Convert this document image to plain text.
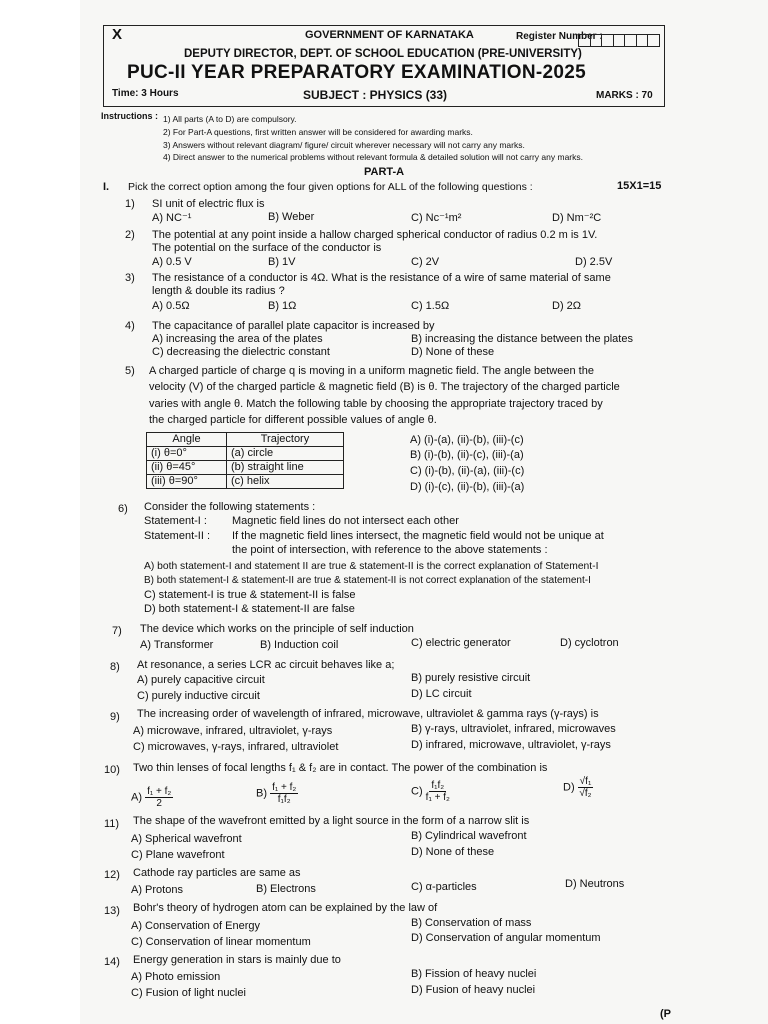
X	GOVERNMENT OF KARNATAKA	Register Number :
DEPUTY DIRECTOR, DEPT. OF SCHOOL EDUCATION (PRE-UNIVERSITY)
PUC-II YEAR PREPARATORY EXAMINATION-2025
Time: 3 Hours	SUBJECT : PHYSICS (33)	MARKS : 70
Instructions : 1) All parts (A to D) are compulsory.
2) For Part-A questions, first written answer will be considered for awarding marks.
3) Answers without relevant diagram/ figure/ circuit wherever necessary will not carry any marks.
4) Direct answer to the numerical problems without relevant formula & detailed solution will not carry any marks.
PART-A
I. Pick the correct option among the four given options for ALL of the following questions :	15X1=15
1) SI unit of electric flux is
A) NC⁻¹	B) Weber	C) Nc⁻¹m²	D) Nm⁻²C
2) The potential at any point inside a hallow charged spherical conductor of radius 0.2 m is 1V.
The potential on the surface of the conductor is
A) 0.5 V	B) 1V	C) 2V	D) 2.5V
3) The resistance of a conductor is 4Ω. What is the resistance of a wire of same material of same
length & double its radius ?
A) 0.5Ω	B) 1Ω	C) 1.5Ω	D) 2Ω
4) The capacitance of parallel plate capacitor is increased by
A) increasing the area of the plates	B) increasing the distance between the plates
C) decreasing the dielectric constant	D) None of these
5) A charged particle of charge q is moving in a uniform magnetic field. The angle between the
velocity (V) of the charged particle & magnetic field (B) is θ. The trajectory of the charged particle
varies with angle θ. Match the following table by choosing the appropriate trajectory traced by
the charged particle for different possible values of angle θ.
Angle	Trajectory
(i) θ=0°	(a) circle
(ii) θ=45°	(b) straight line
(iii) θ=90°	(c) helix
A) (i)-(a), (ii)-(b), (iii)-(c)
B) (i)-(b), (ii)-(c), (iii)-(a)
C) (i)-(b), (ii)-(a), (iii)-(c)
D) (i)-(c), (ii)-(b), (iii)-(a)
6) Consider the following statements :
Statement-I : Magnetic field lines do not intersect each other
Statement-II : If the magnetic field lines intersect, the magnetic field would not be unique at
the point of intersection, with reference to the above statements :
A) both statement-I and statement II are true & statement-II is the correct explanation of Statement-I
B) both statement-I & statement-II are true & statement-II is not correct explanation of the statement-I
C) statement-I is true & statement-II is false
D) both statement-I & statement-II are false
7) The device which works on the principle of self induction
A) Transformer	B) Induction coil	C) electric generator	D) cyclotron
8) At resonance, a series LCR ac circuit behaves like a;
A) purely capacitive circuit	B) purely resistive circuit
C) purely inductive circuit	D) LC circuit
9) The increasing order of wavelength of infrared, microwave, ultraviolet & gamma rays (γ-rays) is
A) microwave, infrared, ultraviolet, γ-rays	B) γ-rays, ultraviolet, infrared, microwaves
C) microwaves, γ-rays, infrared, ultraviolet	D) infrared, microwave, ultraviolet, γ-rays
10) Two thin lenses of focal lengths f₁ & f₂ are in contact. The power of the combination is
$A) \frac{\text{f₁ + f₂}}{2}$	$B) \frac{\text{f₁ + f₂}}{\text{f₁f₂}}$	$C) \frac{\text{f₁f₂}}{\text{f₁ + f₂}}$	$D) \frac{\text{√f₁}}{\text{√f₂}}$
11) The shape of the wavefront emitted by a light source in the form of a narrow slit is
A) Spherical wavefront	B) Cylindrical wavefront
C) Plane wavefront	D) None of these
12) Cathode ray particles are same as
A) Protons	B) Electrons	C) α-particles	D) Neutrons
13) Bohr's theory of hydrogen atom can be explained by the law of
A) Conservation of Energy	B) Conservation of mass
C) Conservation of linear momentum	D) Conservation of angular momentum
14) Energy generation in stars is mainly due to
A) Photo emission	B) Fission of heavy nuclei
C) Fusion of light nuclei	D) Fusion of heavy nuclei
(P
